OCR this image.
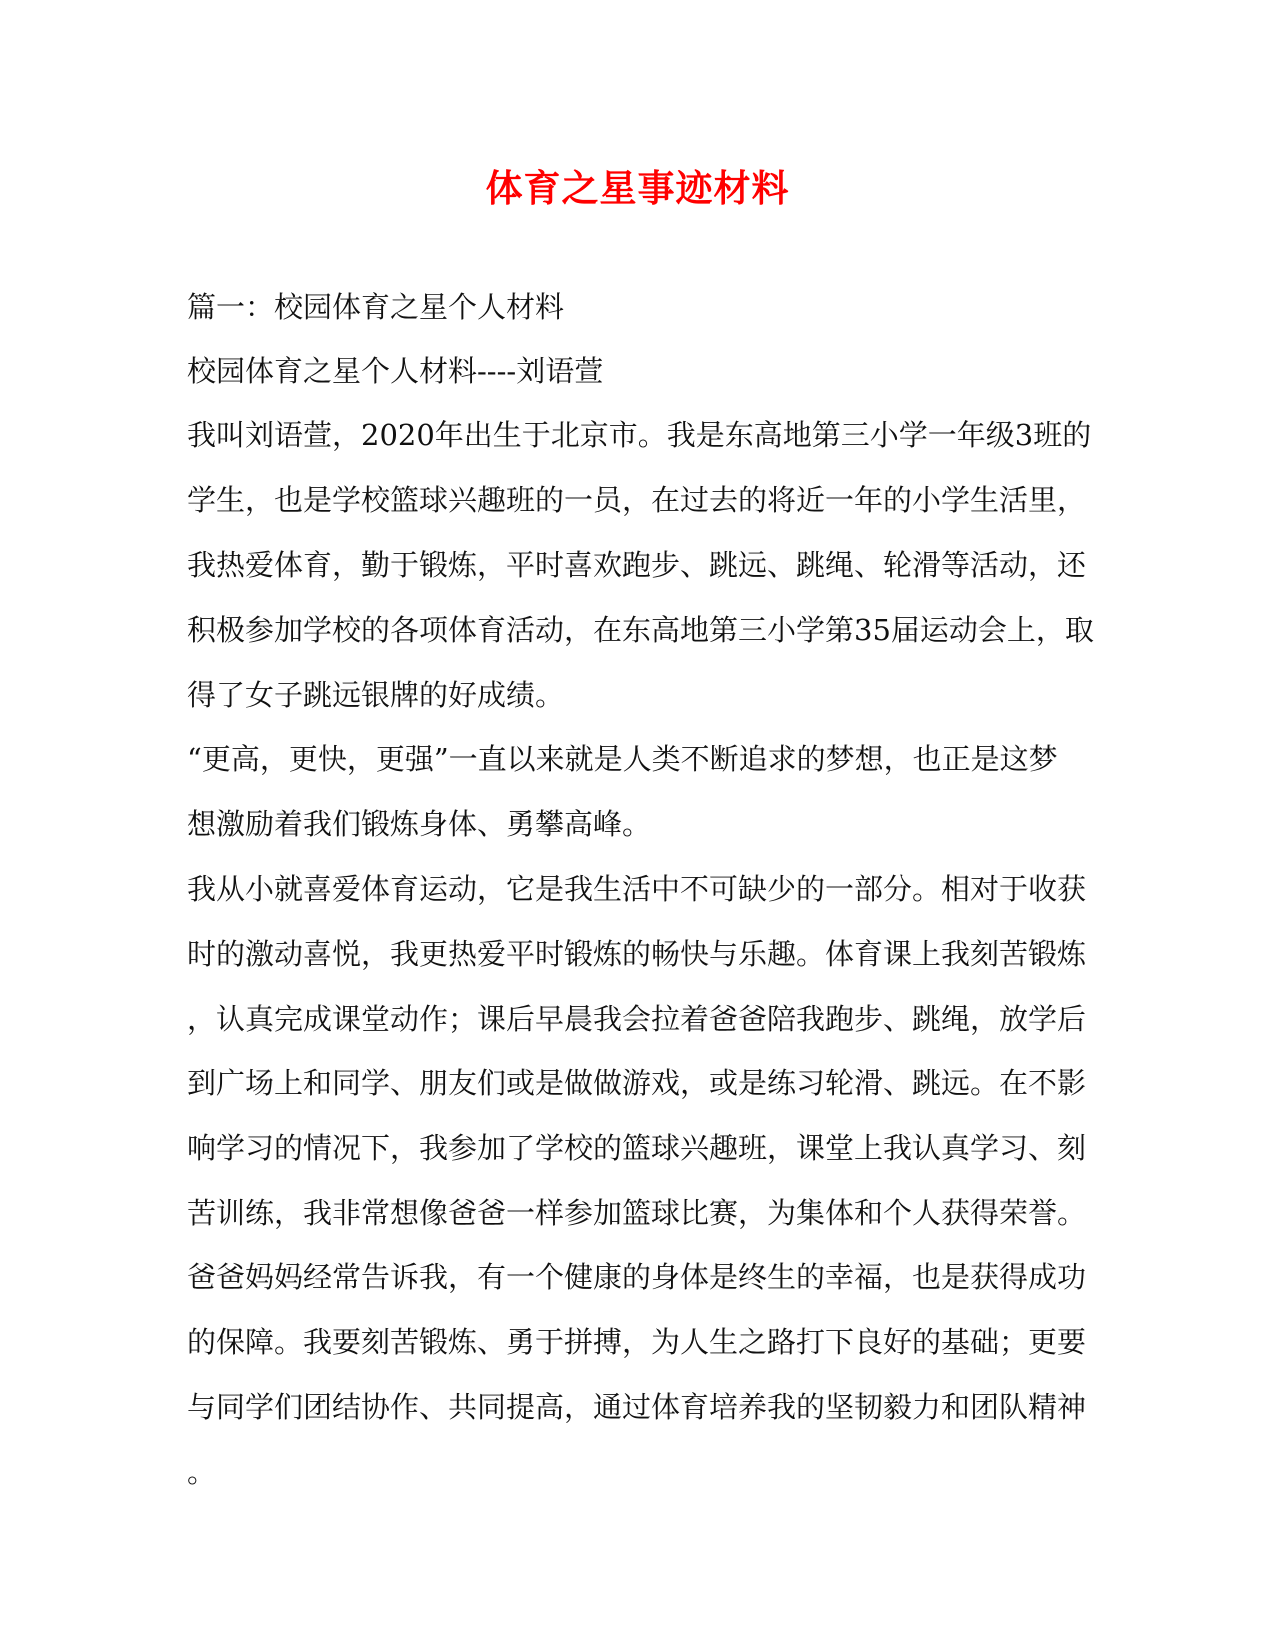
体育之星事迹材料
篇一：校园体育之星个人材料
校园体育之星个人材料----刘语萱
我叫刘语萱，2020年出生于北京市。我是东高地第三小学一年级3班的
学生，也是学校篮球兴趣班的一员，在过去的将近一年的小学生活里，
我热爱体育，勤于锻炼，平时喜欢跑步、跳远、跳绳、轮滑等活动，还
积极参加学校的各项体育活动，在东高地第三小学第35届运动会上，取
得了女子跳远银牌的好成绩。
“更高，更快，更强”一直以来就是人类不断追求的梦想，也正是这梦
想激励着我们锻炼身体、勇攀高峰。
我从小就喜爱体育运动，它是我生活中不可缺少的一部分。相对于收获
时的激动喜悦，我更热爱平时锻炼的畅快与乐趣。体育课上我刻苦锻炼
，认真完成课堂动作；课后早晨我会拉着爸爸陪我跑步、跳绳，放学后
到广场上和同学、朋友们或是做做游戏，或是练习轮滑、跳远。在不影
响学习的情况下，我参加了学校的篮球兴趣班，课堂上我认真学习、刻
苦训练，我非常想像爸爸一样参加篮球比赛，为集体和个人获得荣誉。
爸爸妈妈经常告诉我，有一个健康的身体是终生的幸福，也是获得成功
的保障。我要刻苦锻炼、勇于拼搏，为人生之路打下良好的基础；更要
与同学们团结协作、共同提高，通过体育培养我的坚韧毅力和团队精神
。
